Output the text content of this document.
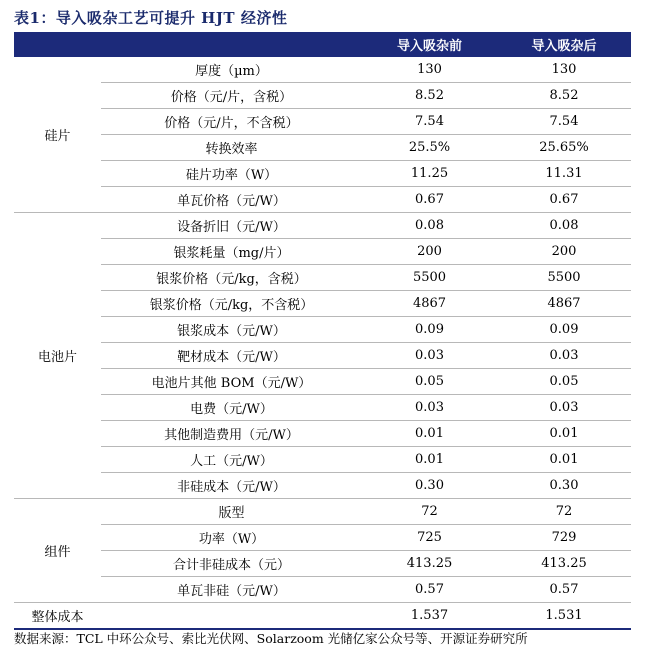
表1：导入吸杂工艺可提升 HJT 经济性
		导入吸杂前	导入吸杂后
硅片	厚度（µm）	130	130
	价格（元/片，含税）	8.52	8.52
	价格（元/片，不含税）	7.54	7.54
	转换效率	25.5%	25.65%
	硅片功率（W）	11.25	11.31
	单瓦价格（元/W）	0.67	0.67
电池片	设备折旧（元/W）	0.08	0.08
	银浆耗量（mg/片）	200	200
	银浆价格（元/kg，含税）	5500	5500
	银浆价格（元/kg，不含税）	4867	4867
	银浆成本（元/W）	0.09	0.09
	靶材成本（元/W）	0.03	0.03
	电池片其他 BOM（元/W）	0.05	0.05
	电费（元/W）	0.03	0.03
	其他制造费用（元/W）	0.01	0.01
	人工（元/W）	0.01	0.01
	非硅成本（元/W）	0.30	0.30
组件	版型	72	72
	功率（W）	725	729
	合计非硅成本（元）	413.25	413.25
	单瓦非硅（元/W）	0.57	0.57
整体成本		1.537	1.531
数据来源：TCL 中环公众号、索比光伏网、Solarzoom 光储亿家公众号等、开源证券研究所
